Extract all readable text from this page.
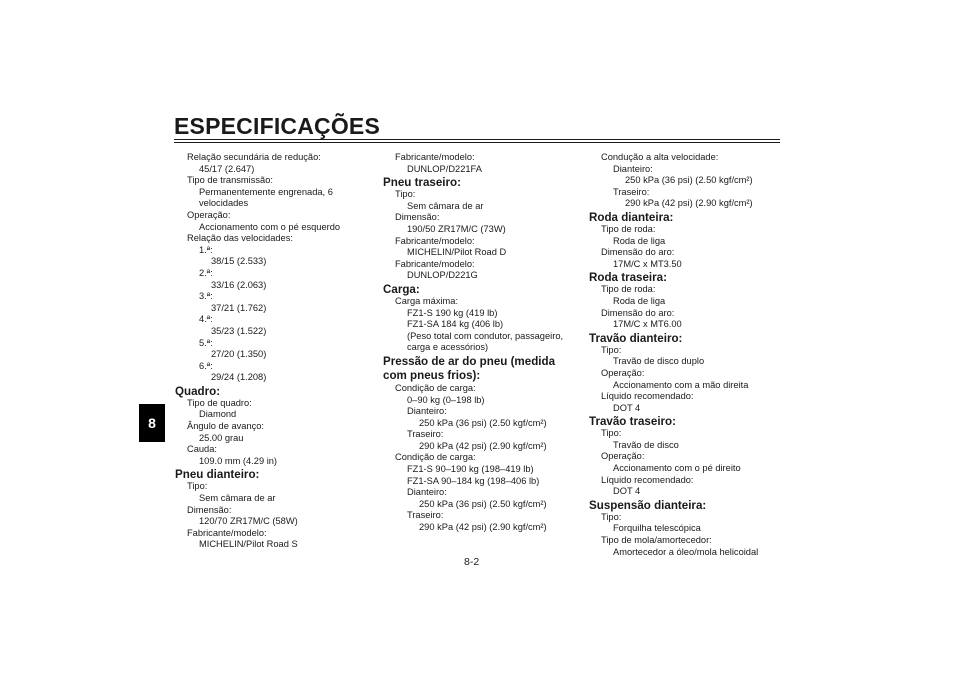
ESPECIFICAÇÕES
8
Relação secundária de redução:
45/17 (2.647)
Tipo de transmissão:
Permanentemente engrenada, 6
velocidades
Operação:
Accionamento com o pé esquerdo
Relação das velocidades:
1.ª:
38/15 (2.533)
2.ª:
33/16 (2.063)
3.ª:
37/21 (1.762)
4.ª:
35/23 (1.522)
5.ª:
27/20 (1.350)
6.ª:
29/24 (1.208)
Quadro:
Tipo de quadro:
Diamond
Ângulo de avanço:
25.00 grau
Cauda:
109.0 mm (4.29 in)
Pneu dianteiro:
Tipo:
Sem câmara de ar
Dimensão:
120/70 ZR17M/C (58W)
Fabricante/modelo:
MICHELIN/Pilot Road S
Fabricante/modelo:
DUNLOP/D221FA
Pneu traseiro:
Tipo:
Sem câmara de ar
Dimensão:
190/50 ZR17M/C (73W)
Fabricante/modelo:
MICHELIN/Pilot Road D
Fabricante/modelo:
DUNLOP/D221G
Carga:
Carga máxima:
FZ1-S 190 kg (419 lb)
FZ1-SA 184 kg (406 lb)
(Peso total com condutor, passageiro,
carga e acessórios)
Pressão de ar do pneu (medida com pneus frios):
Condição de carga:
0–90 kg (0–198 lb)
Dianteiro:
250 kPa (36 psi) (2.50 kgf/cm²)
Traseiro:
290 kPa (42 psi) (2.90 kgf/cm²)
Condição de carga:
FZ1-S 90–190 kg (198–419 lb)
FZ1-SA 90–184 kg (198–406 lb)
Dianteiro:
250 kPa (36 psi) (2.50 kgf/cm²)
Traseiro:
290 kPa (42 psi) (2.90 kgf/cm²)
Condução a alta velocidade:
Dianteiro:
250 kPa (36 psi) (2.50 kgf/cm²)
Traseiro:
290 kPa (42 psi) (2.90 kgf/cm²)
Roda dianteira:
Tipo de roda:
Roda de liga
Dimensão do aro:
17M/C x MT3.50
Roda traseira:
Tipo de roda:
Roda de liga
Dimensão do aro:
17M/C x MT6.00
Travão dianteiro:
Tipo:
Travão de disco duplo
Operação:
Accionamento com a mão direita
Líquido recomendado:
DOT 4
Travão traseiro:
Tipo:
Travão de disco
Operação:
Accionamento com o pé direito
Líquido recomendado:
DOT 4
Suspensão dianteira:
Tipo:
Forquilha telescópica
Tipo de mola/amortecedor:
Amortecedor a óleo/mola helicoidal
8-2
